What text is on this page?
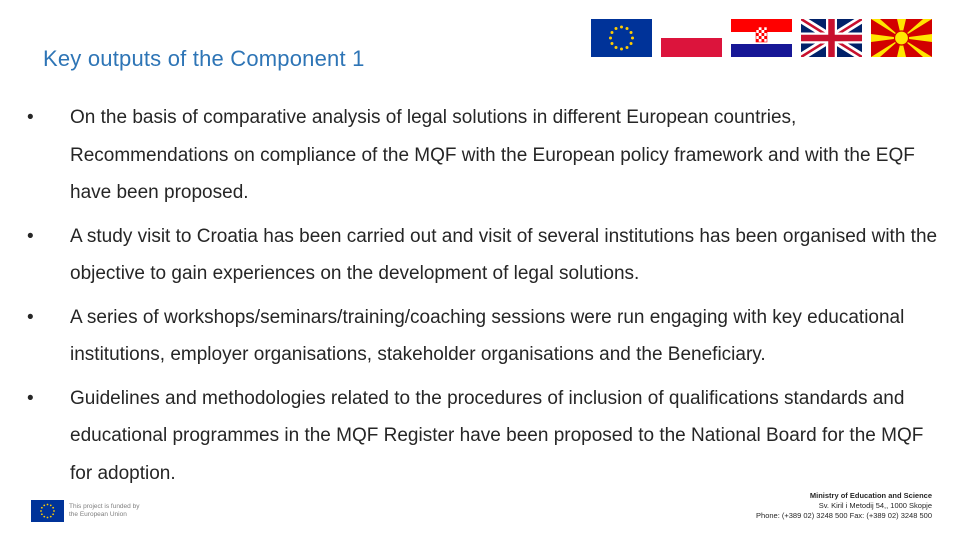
Key outputs of the Component 1
• On the basis of comparative analysis of legal solutions in different European countries, Recommendations on compliance of the MQF with the European policy framework and with the EQF have been proposed.
• A study visit to Croatia has been carried out and visit of several institutions has been organised with the objective to gain experiences on the development of legal solutions.
• A series of workshops/seminars/training/coaching sessions were run engaging with key educational institutions, employer organisations, stakeholder organisations and the Beneficiary.
• Guidelines and methodologies related to the procedures of inclusion of qualifications standards and educational programmes in the MQF Register have been proposed to the National Board for the MQF for adoption.
This project is funded by the European Union
Ministry of Education and Science
Sv. Kiril i Metodij 54,, 1000 Skopje
Phone: (+389 02) 3248 500 Fax: (+389 02) 3248 500
